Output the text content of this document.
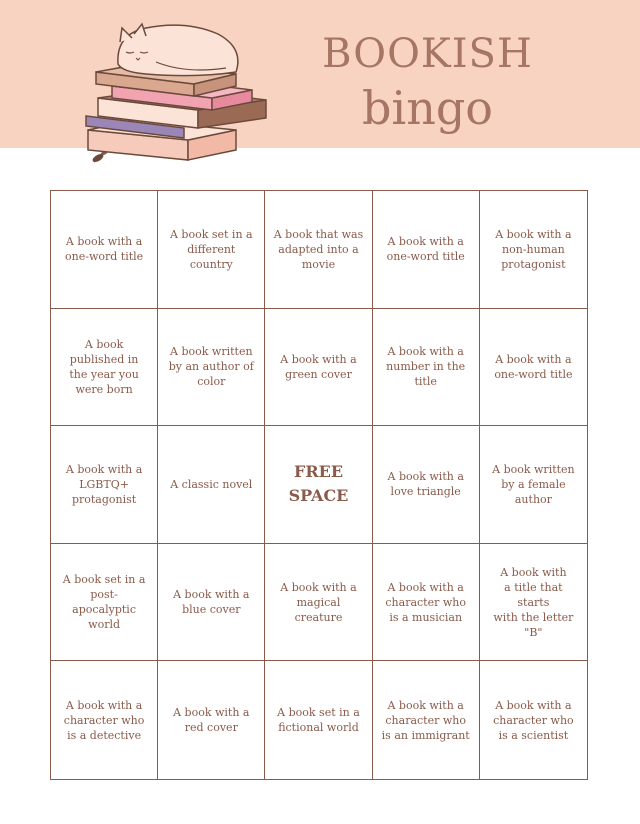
BOOKISH
bingo
A book with a
one-word title
A book set in a
different
country
A book that was
adapted into a
movie
A book with a
one-word title
A book with a
non-human
protagonist
A book
published in
the year you
were born
A book written
by an author of
color
A book with a
green cover
A book with a
number in the
title
A book with a
one-word title
A book with a
LGBTQ+
protagonist
A classic novel
FREE
SPACE
A book with a
love triangle
A book written
by a female
author
A book set in a
post-apocalyptic
world
A book with a
blue cover
A book with a
magical
creature
A book with a
character who
is a musician
A book with
a title that starts
with the letter
"B"
A book with a
character who
is a detective
A book with a
red cover
A book set in a
fictional world
A book with a
character who
is an immigrant
A book with a
character who
is a scientist
